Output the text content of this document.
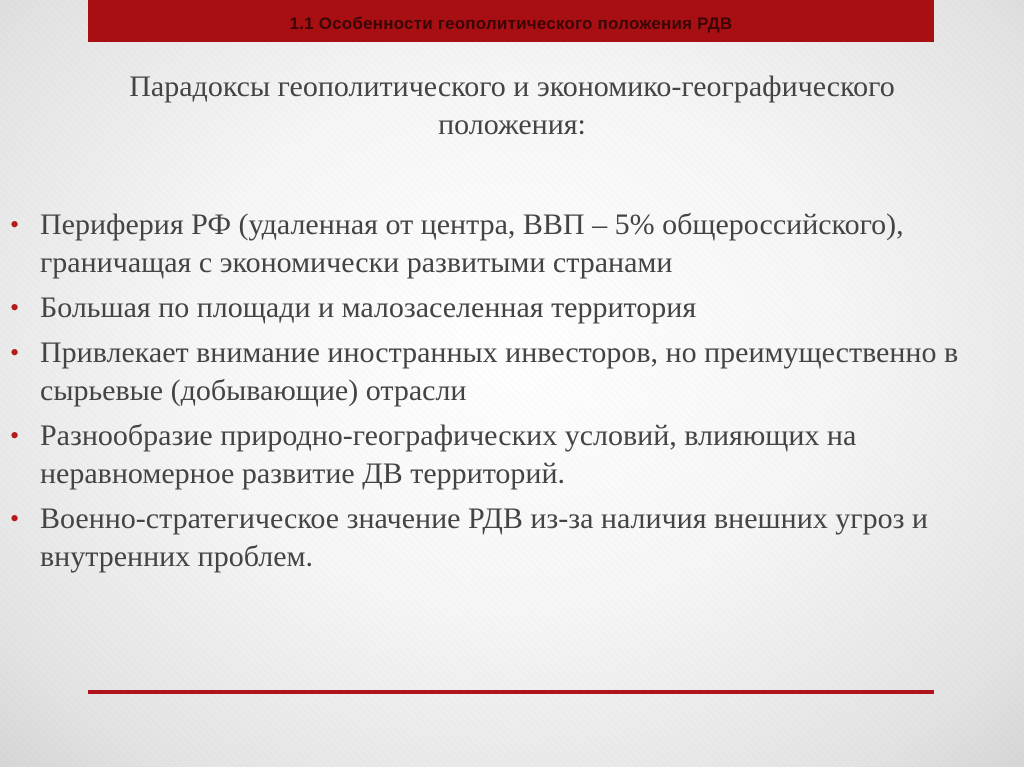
1.1 Особенности геополитического положения РДВ
Парадоксы геополитического и экономико-географического
положения:
• Периферия РФ (удаленная от центра, ВВП – 5% общероссийского), граничащая с экономически развитыми странами
• Большая по площади и малозаселенная территория
• Привлекает внимание иностранных инвесторов, но преимущественно в сырьевые (добывающие) отрасли
• Разнообразие природно-географических условий, влияющих на неравномерное развитие ДВ территорий.
• Военно-стратегическое значение РДВ из-за наличия внешних угроз и внутренних проблем.
